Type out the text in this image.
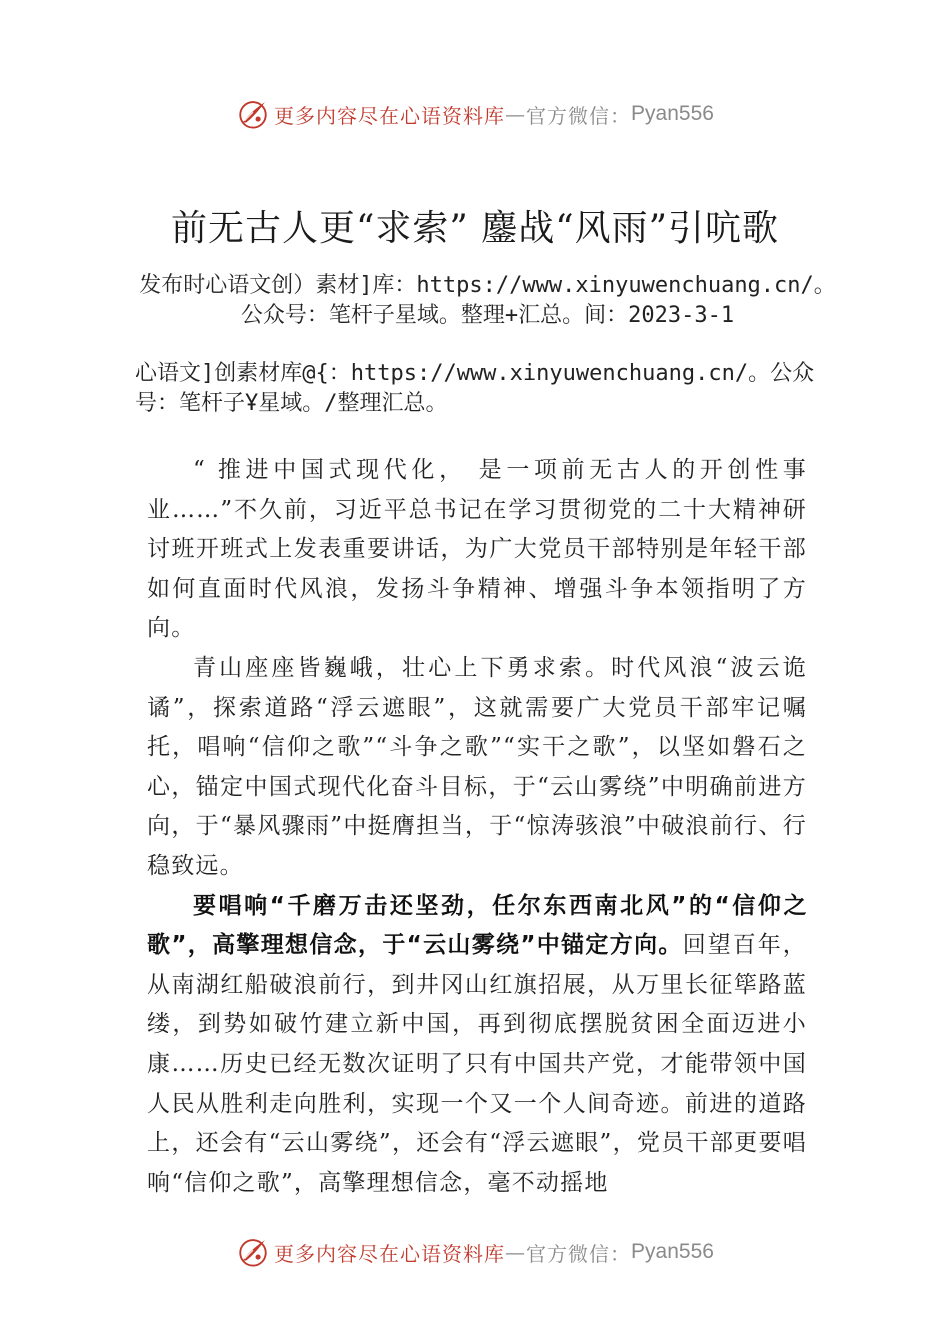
更多内容尽在心语资料库 — 官方微信： Pyan556
前无古人更“求索” 鏖战“风雨”引吭歌
发布时心语文创）素材]库：https://www.xinyuwenchuang.cn/。公众号：笔杆子星域。整理+汇总。间：2023-3-1
心语文]创素材库@{：https://www.xinyuwenchuang.cn/。公众号：笔杆子Ұ星域。/整理汇总。

“ 推进中国式现代化， 是一项前无古人的开创性事业……”不久前，习近平总书记在学习贯彻党的二十大精神研讨班开班式上发表重要讲话，为广大党员干部特别是年轻干部如何直面时代风浪，发扬斗争精神、增强斗争本领指明了方向。

青山座座皆巍峨，壮心上下勇求索。时代风浪“波云诡谲”，探索道路“浮云遮眼”，这就需要广大党员干部牢记嘱托，唱响“信仰之歌”“斗争之歌”“实干之歌”，以坚如磐石之心，锚定中国式现代化奋斗目标，于“云山雾绕”中明确前进方向，于“暴风骤雨”中挺膺担当，于“惊涛骇浪”中破浪前行、行稳致远。

要唱响“千磨万击还坚劲，任尔东西南北风”的“信仰之歌”，高擎理想信念，于“云山雾绕”中锚定方向。回望百年，从南湖红船破浪前行，到井冈山红旗招展，从万里长征筚路蓝缕，到势如破竹建立新中国，再到彻底摆脱贫困全面迈进小康……历史已经无数次证明了只有中国共产党，才能带领中国人民从胜利走向胜利，实现一个又一个人间奇迹。前进的道路上，还会有“云山雾绕”，还会有“浮云遮眼”，党员干部更要唱响“信仰之歌”，高擎理想信念，毫不动摇地

更多内容尽在心语资料库 — 官方微信： Pyan556
